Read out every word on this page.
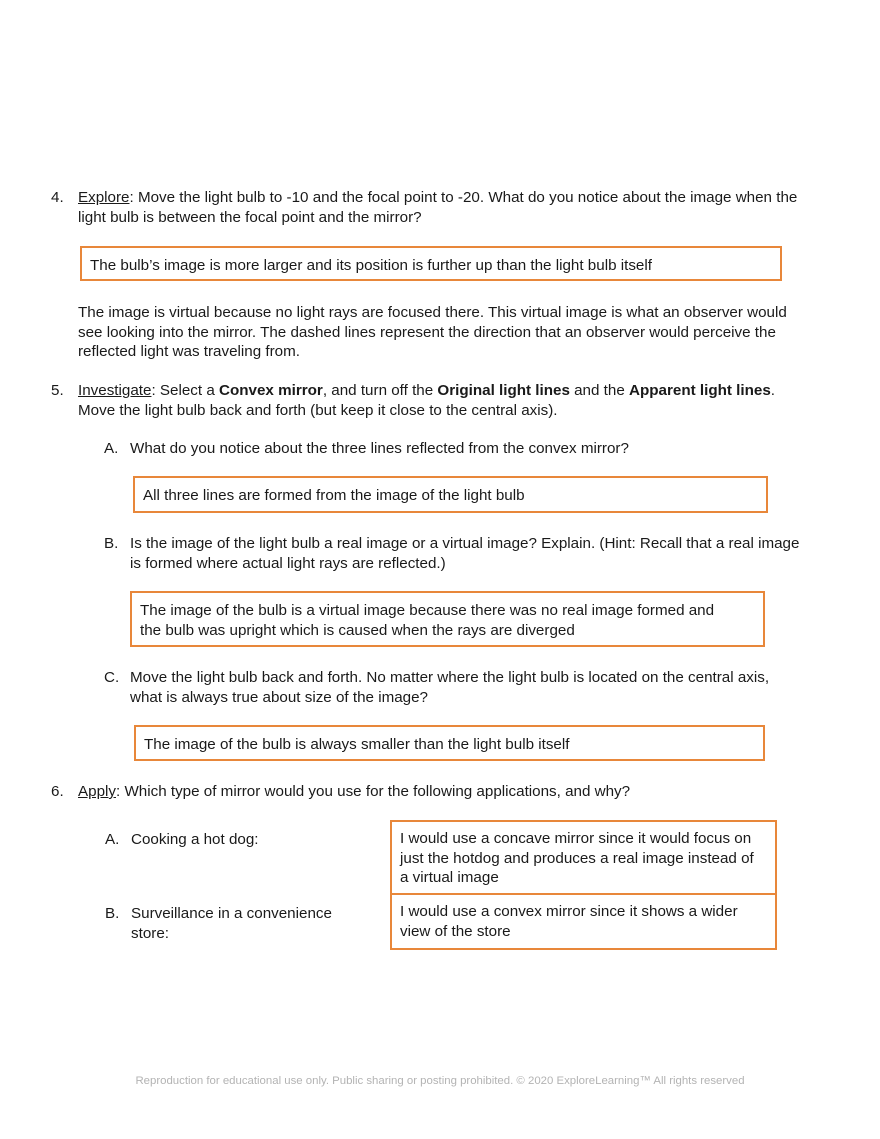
4. Explore: Move the light bulb to -10 and the focal point to -20. What do you notice about the image when the
light bulb is between the focal point and the mirror?
The bulb’s image is more larger and its position is further up than the light bulb itself
The image is virtual because no light rays are focused there. This virtual image is what an observer would
see looking into the mirror. The dashed lines represent the direction that an observer would perceive the
reflected light was traveling from.
5. Investigate: Select a Convex mirror, and turn off the Original light lines and the Apparent light lines.
Move the light bulb back and forth (but keep it close to the central axis).
A. What do you notice about the three lines reflected from the convex mirror?
All three lines are formed from the image of the light bulb
B. Is the image of the light bulb a real image or a virtual image? Explain. (Hint: Recall that a real image
is formed where actual light rays are reflected.)
The image of the bulb is a virtual image because there was no real image formed and
the bulb was upright which is caused when the rays are diverged
C. Move the light bulb back and forth. No matter where the light bulb is located on the central axis,
what is always true about size of the image?
The image of the bulb is always smaller than the light bulb itself
6. Apply: Which type of mirror would you use for the following applications, and why?
A. Cooking a hot dog:	I would use a concave mirror since it would focus on
just the hotdog and produces a real image instead of
a virtual image
B. Surveillance in a convenience
store:
I would use a convex mirror since it shows a wider
view of the store
Reproduction for educational use only. Public sharing or posting prohibited. © 2020 ExploreLearning™ All rights reserved
